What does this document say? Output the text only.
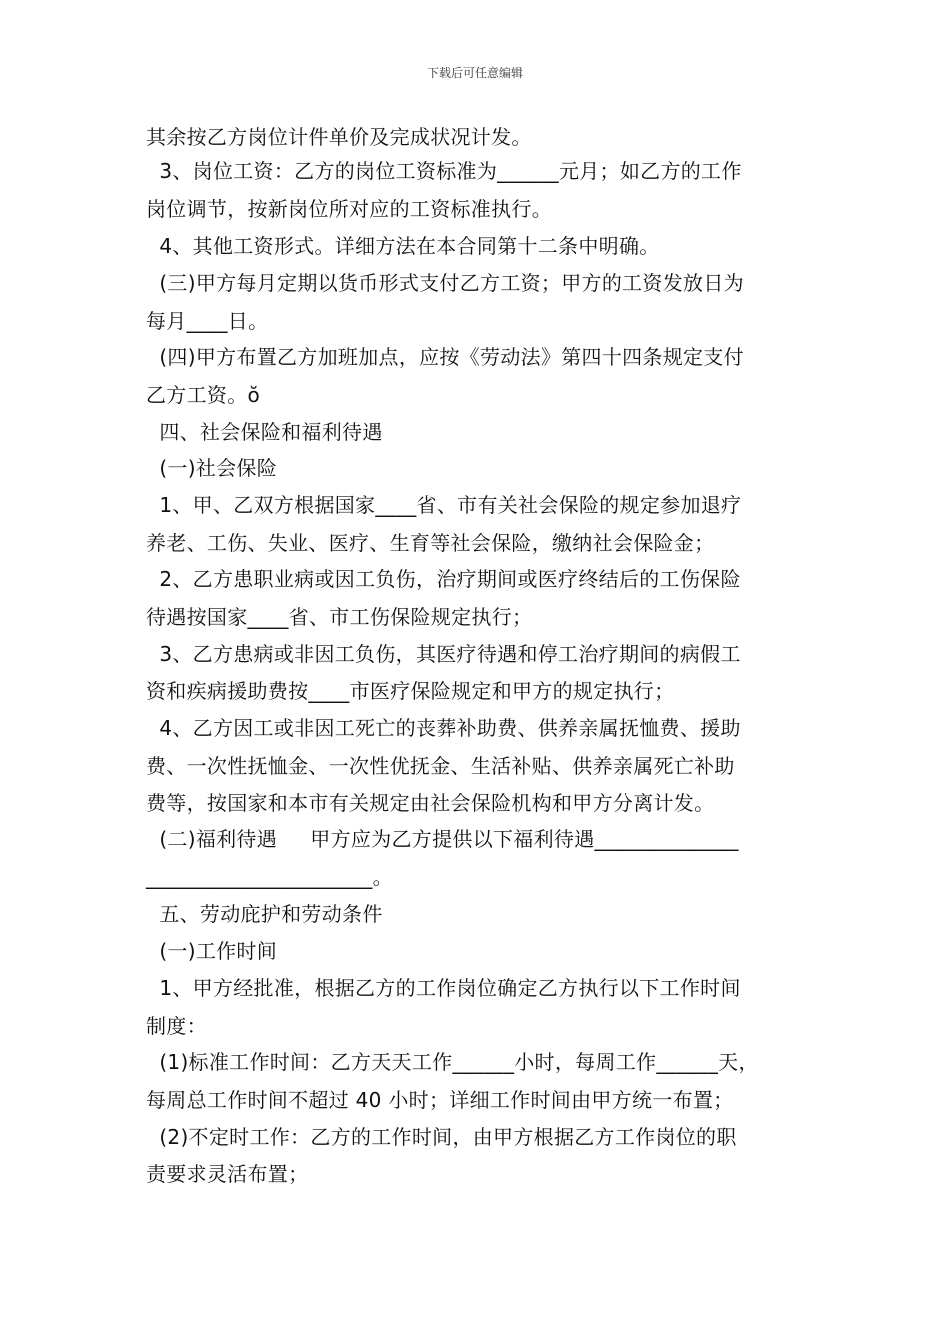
下载后可任意编辑
其余按乙方岗位计件单价及完成状况计发。
3、岗位工资：乙方的岗位工资标准为______元月；如乙方的工作
岗位调节，按新岗位所对应的工资标准执行。
4、其他工资形式。详细方法在本合同第十二条中明确。
(三)甲方每月定期以货币形式支付乙方工资；甲方的工资发放日为
每月____日。
(四)甲方布置乙方加班加点，应按《劳动法》第四十四条规定支付
乙方工资。ŏ
四、社会保险和福利待遇
(一)社会保险
1、甲、乙双方根据国家____省、市有关社会保险的规定参加退疗
养老、工伤、失业、医疗、生育等社会保险，缴纳社会保险金；
2、乙方患职业病或因工负伤，治疗期间或医疗终结后的工伤保险
待遇按国家____省、市工伤保险规定执行；
3、乙方患病或非因工负伤，其医疗待遇和停工治疗期间的病假工
资和疾病援助费按____市医疗保险规定和甲方的规定执行；
4、乙方因工或非因工死亡的丧葬补助费、供养亲属抚恤费、援助
费、一次性抚恤金、一次性优抚金、生活补贴、供养亲属死亡补助
费等，按国家和本市有关规定由社会保险机构和甲方分离计发。
(二)福利待遇     甲方应为乙方提供以下福利待遇______________
______________________。
五、劳动庇护和劳动条件
(一)工作时间
1、甲方经批准，根据乙方的工作岗位确定乙方执行以下工作时间
制度：
(1)标准工作时间：乙方天天工作______小时，每周工作______天，
每周总工作时间不超过 40 小时；详细工作时间由甲方统一布置；
(2)不定时工作：乙方的工作时间，由甲方根据乙方工作岗位的职
责要求灵活布置；
